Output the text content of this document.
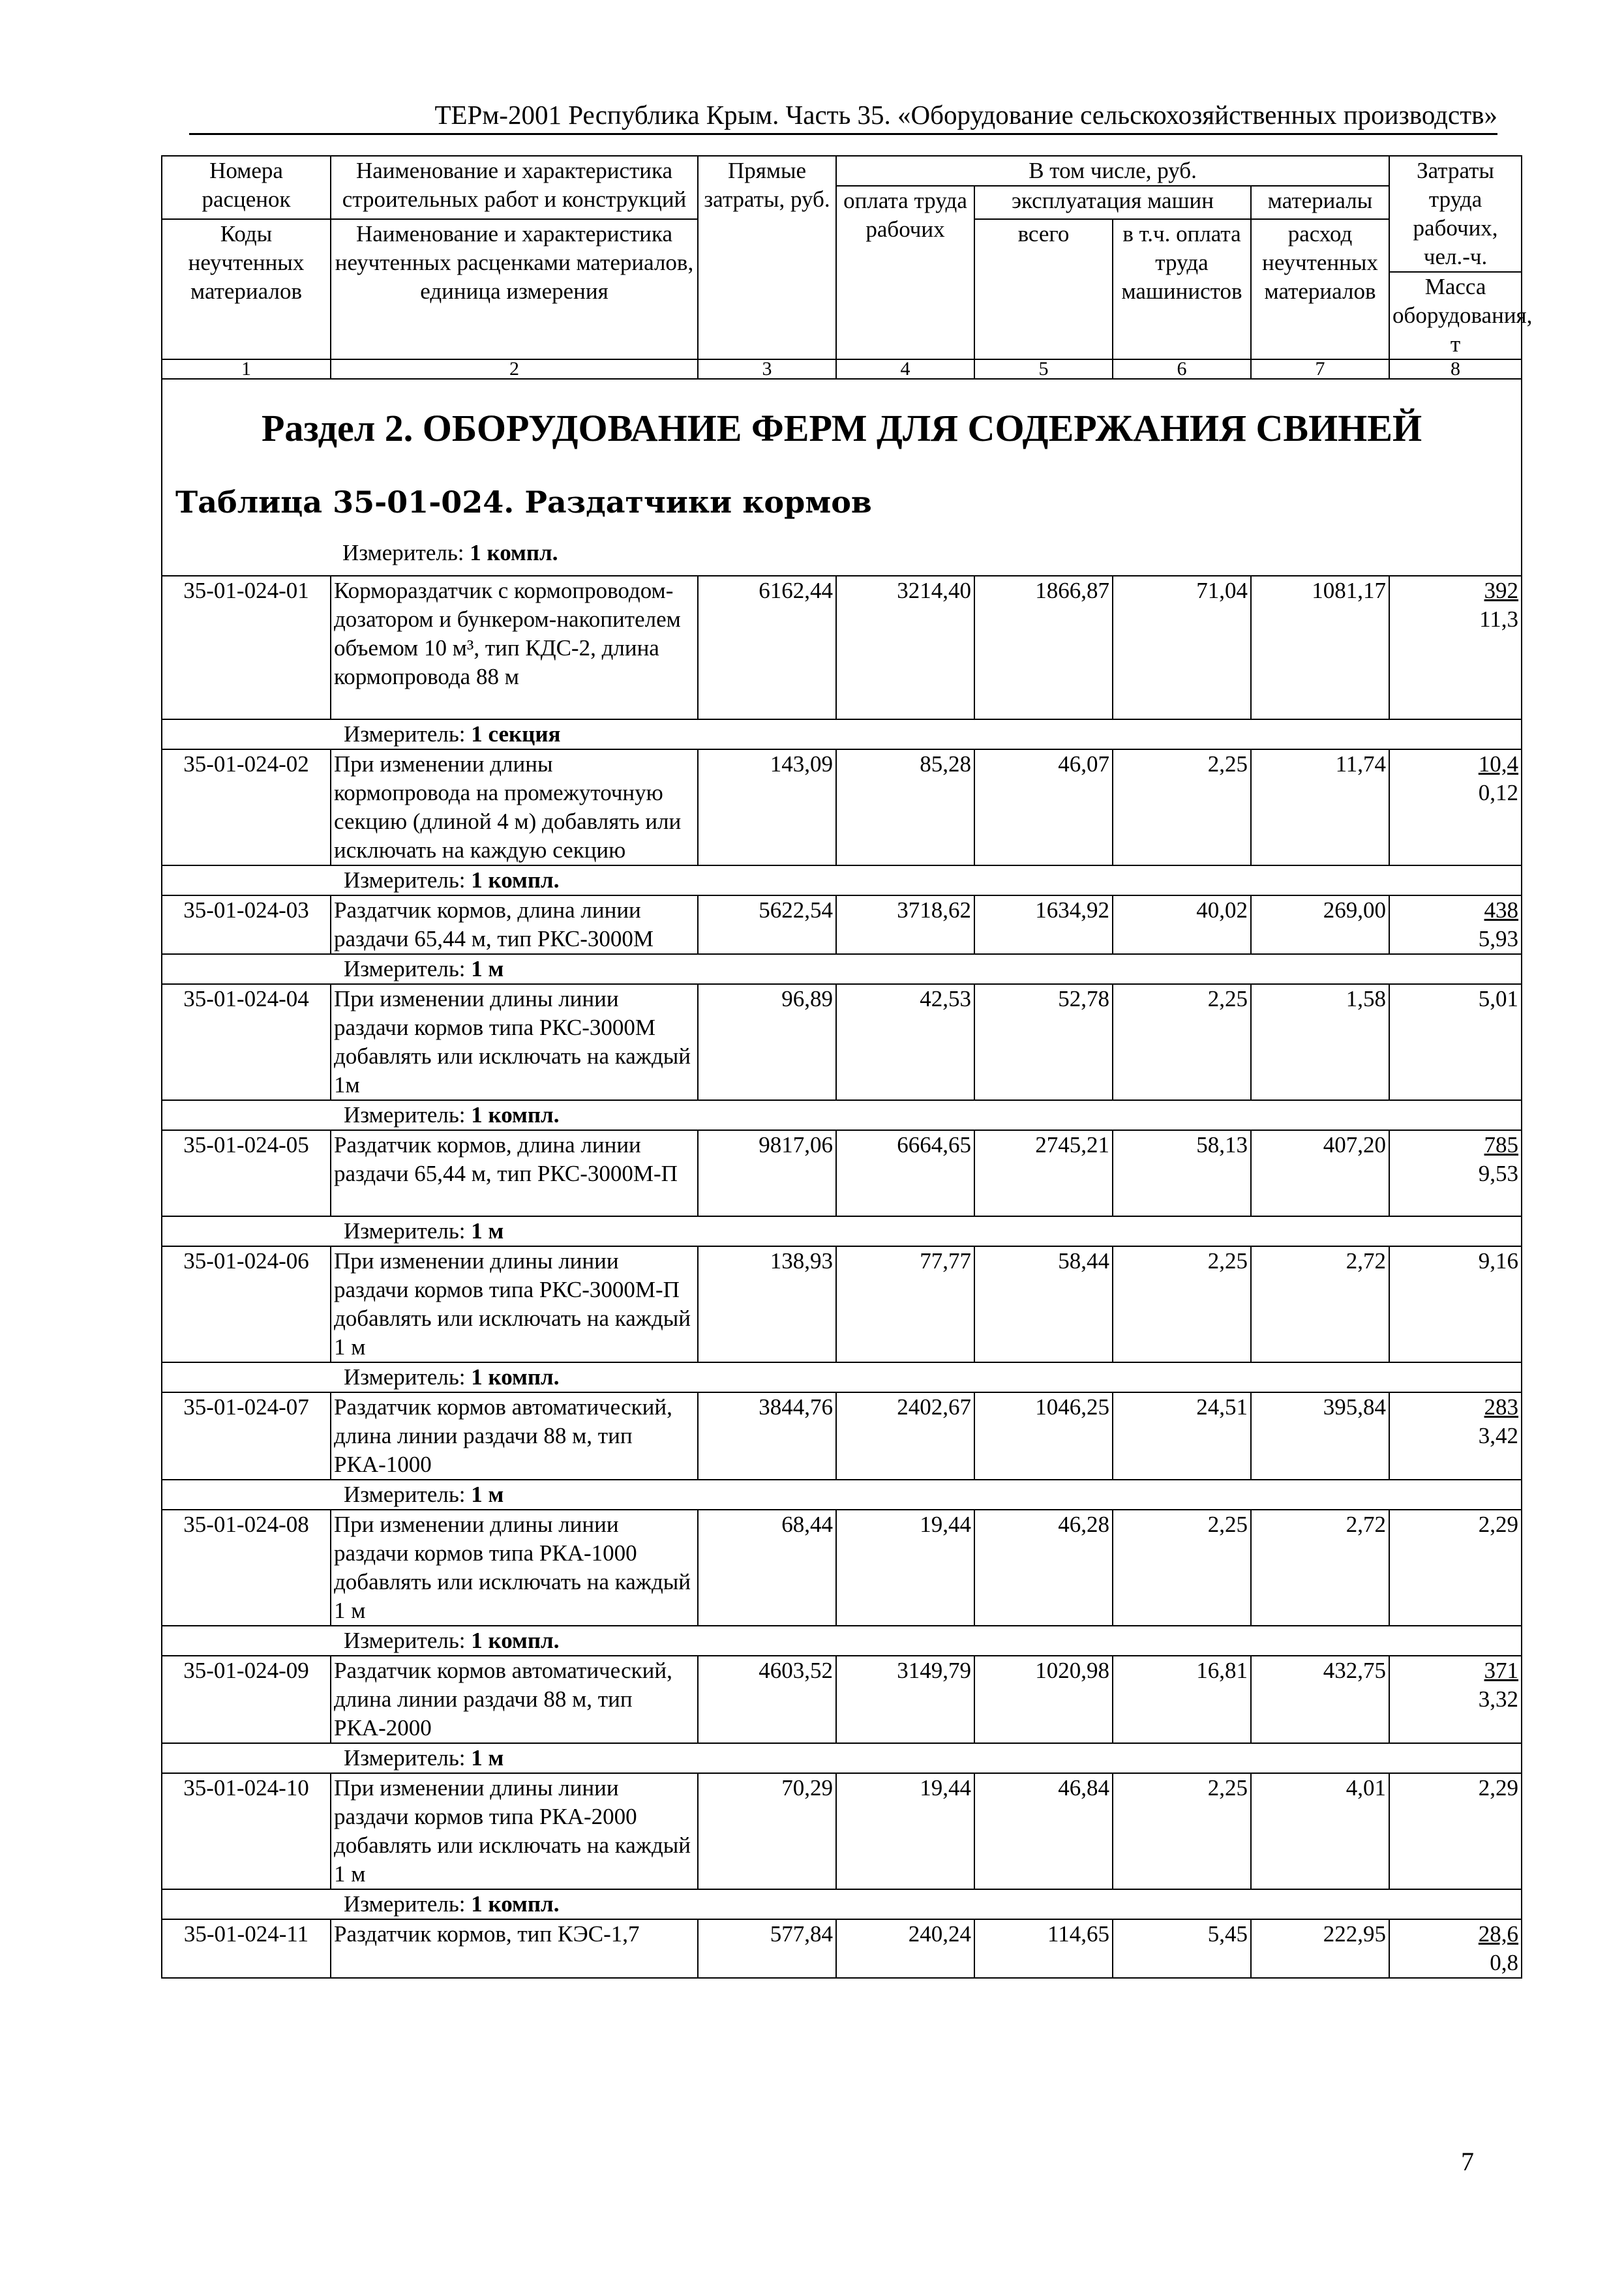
ТЕРм-2001 Республика Крым. Часть 35. «Оборудование сельскохозяйственных производств»
Номера расценок	Наименование и характеристика строительных работ и конструкций	Прямые затраты, руб.	В том числе, руб.				Затраты труда рабочих, чел.-ч.
			оплата труда рабочих	эксплуатация машин		материалы	
Коды неучтенных материалов	Наименование и характеристика неучтенных расценками материалов, единица измерения			всего	в т.ч. оплата труда машинистов	расход неучтенных материалов	
							Масса оборудования, т
1	2	3	4	5	6	7	8

Раздел 2. ОБОРУДОВАНИЕ ФЕРМ ДЛЯ СОДЕРЖАНИЯ СВИНЕЙ
Таблица 35-01-024. Раздатчики кормов
Измеритель: 1 компл.							

35-01-024-01	Кормораздатчик с кормопроводом-дозатором и бункером-накопителем объемом 10 м³, тип КДС-2, длина кормопровода 88 м	6162,44	3214,40	1866,87	71,04	1081,17	392
11,3
Измеритель: 1 секция							
35-01-024-02	При изменении длины кормопровода на промежуточную секцию (длиной 4 м) добавлять или исключать на каждую секцию	143,09	85,28	46,07	2,25	11,74	10,4
0,12
Измеритель: 1 компл.							
35-01-024-03	Раздатчик кормов, длина линии раздачи 65,44 м, тип РКС-3000М	5622,54	3718,62	1634,92	40,02	269,00	438
5,93
Измеритель: 1 м							
35-01-024-04	При изменении длины линии раздачи кормов типа РКС-3000М добавлять или исключать на каждый 1м	96,89	42,53	52,78	2,25	1,58	5,01
Измеритель: 1 компл.							
35-01-024-05	Раздатчик кормов, длина линии раздачи 65,44 м, тип РКС-3000М-П	9817,06	6664,65	2745,21	58,13	407,20	785
9,53
Измеритель: 1 м							
35-01-024-06	При изменении длины линии раздачи кормов типа РКС-3000М-П добавлять или исключать на каждый 1 м	138,93	77,77	58,44	2,25	2,72	9,16
Измеритель: 1 компл.							
35-01-024-07	Раздатчик кормов автоматический, длина линии раздачи 88 м, тип РКА-1000	3844,76	2402,67	1046,25	24,51	395,84	283
3,42
Измеритель: 1 м							
35-01-024-08	При изменении длины линии раздачи кормов типа РКА-1000 добавлять или исключать на каждый 1 м	68,44	19,44	46,28	2,25	2,72	2,29
Измеритель: 1 компл.							
35-01-024-09	Раздатчик кормов автоматический, длина линии раздачи 88 м, тип РКА-2000	4603,52	3149,79	1020,98	16,81	432,75	371
3,32
Измеритель: 1 м							
35-01-024-10	При изменении длины линии раздачи кормов типа РКА-2000 добавлять или исключать на каждый 1 м	70,29	19,44	46,84	2,25	4,01	2,29
Измеритель: 1 компл.							
35-01-024-11	Раздатчик кормов, тип КЭС-1,7	577,84	240,24	114,65	5,45	222,95	28,6
0,8
7
